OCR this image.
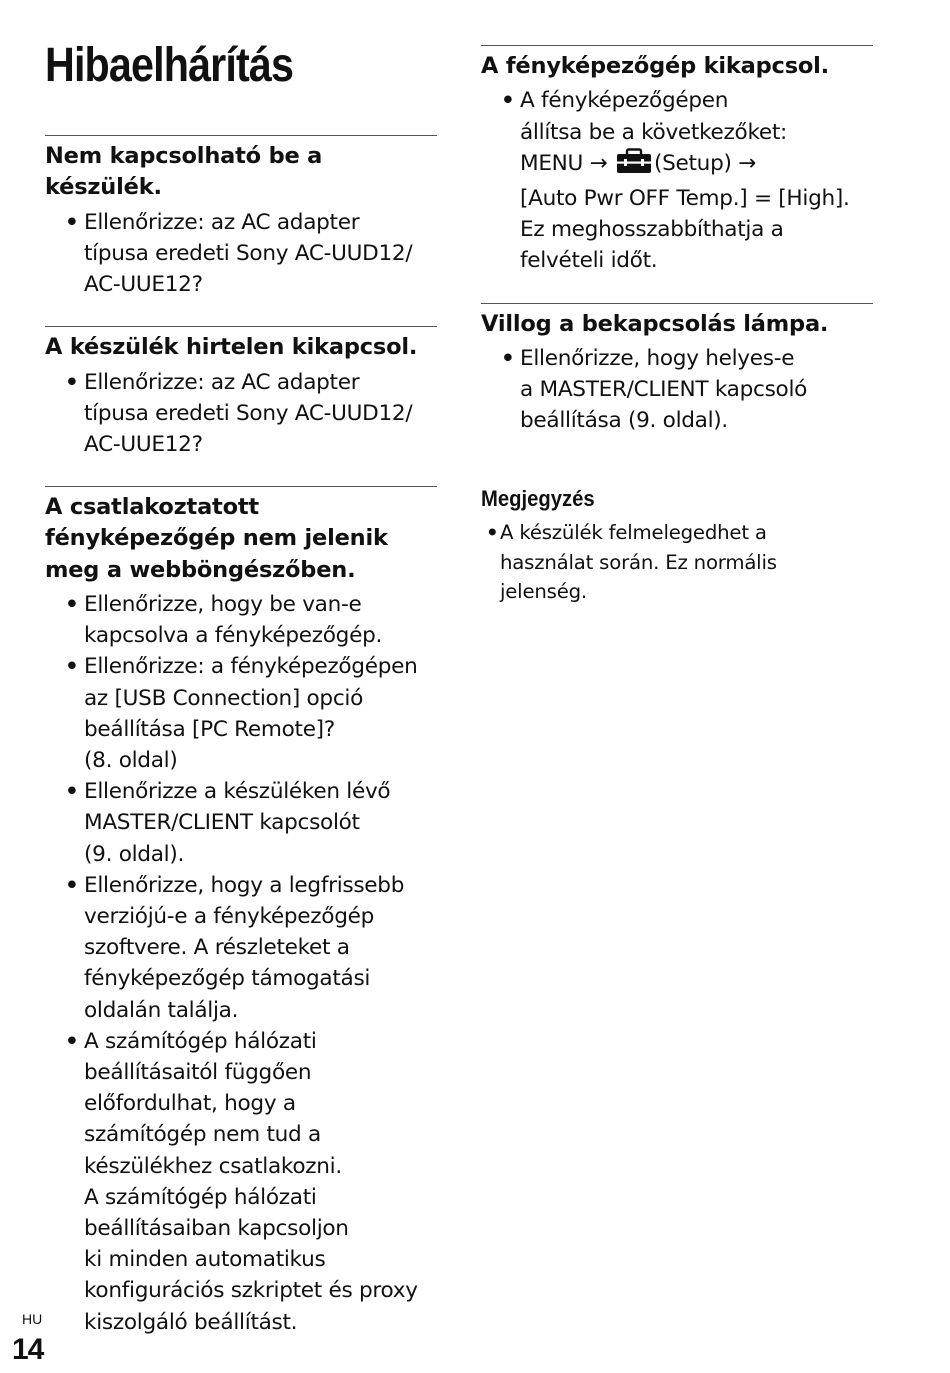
Hibaelhárítás
Nem kapcsolható be a
készülék.
• Ellenőrizze: az AC adapter
típusa eredeti Sony AC-UUD12/
AC-UUE12?
A készülék hirtelen kikapcsol.
• Ellenőrizze: az AC adapter
típusa eredeti Sony AC-UUD12/
AC-UUE12?
A csatlakoztatott
fényképezőgép nem jelenik
meg a webböngészőben.
• Ellenőrizze, hogy be van-e
kapcsolva a fényképezőgép.
• Ellenőrizze: a fényképezőgépen
az [USB Connection] opció
beállítása [PC Remote]?
(8. oldal)
• Ellenőrizze a készüléken lévő
MASTER/CLIENT kapcsolót
(9. oldal).
• Ellenőrizze, hogy a legfrissebb
verziójú-e a fényképezőgép
szoftvere. A részleteket a
fényképezőgép támogatási
oldalán találja.
• A számítógép hálózati
beállításaitól függően
előfordulhat, hogy a
számítógép nem tud a
készülékhez csatlakozni.
A számítógép hálózati
beállításaiban kapcsoljon
ki minden automatikus
konfigurációs szkriptet és proxy
kiszolgáló beállítást.
A fényképezőgép kikapcsol.
• A fényképezőgépen
állítsa be a következőket:
MENU → (Setup) →
[Auto Pwr OFF Temp.] = [High].
Ez meghosszabbíthatja a
felvételi időt.
Villog a bekapcsolás lámpa.
• Ellenőrizze, hogy helyes-e
a MASTER/CLIENT kapcsoló
beállítása (9. oldal).
Megjegyzés
• A készülék felmelegedhet a
használat során. Ez normális
jelenség.
HU
14
